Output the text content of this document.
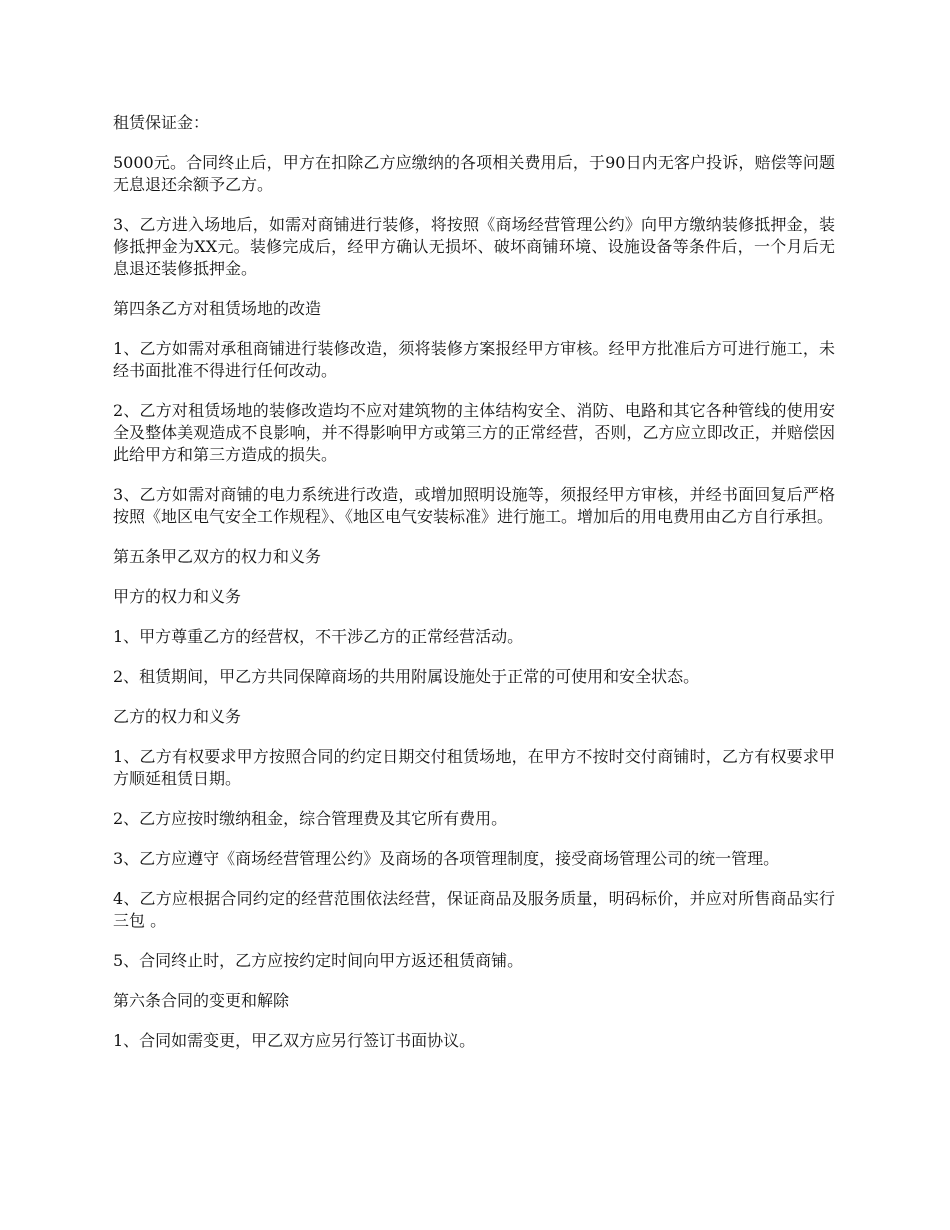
租赁保证金：

5000元。合同终止后，甲方在扣除乙方应缴纳的各项相关费用后，于90日内无客户投诉，赔偿等问题无息退还余额予乙方。

3、乙方进入场地后，如需对商铺进行装修，将按照《商场经营管理公约》向甲方缴纳装修抵押金，装修抵押金为XX元。装修完成后，经甲方确认无损坏、破坏商铺环境、设施设备等条件后，一个月后无息退还装修抵押金。

第四条乙方对租赁场地的改造

1、乙方如需对承租商铺进行装修改造，须将装修方案报经甲方审核。经甲方批准后方可进行施工，未经书面批准不得进行任何改动。

2、乙方对租赁场地的装修改造均不应对建筑物的主体结构安全、消防、电路和其它各种管线的使用安全及整体美观造成不良影响，并不得影响甲方或第三方的正常经营，否则，乙方应立即改正，并赔偿因此给甲方和第三方造成的损失。

3、乙方如需对商铺的电力系统进行改造，或增加照明设施等，须报经甲方审核，并经书面回复后严格按照《地区电气安全工作规程》、《地区电气安装标准》进行施工。增加后的用电费用由乙方自行承担。

第五条甲乙双方的权力和义务

甲方的权力和义务

1、甲方尊重乙方的经营权，不干涉乙方的正常经营活动。

2、租赁期间，甲乙方共同保障商场的共用附属设施处于正常的可使用和安全状态。

乙方的权力和义务

1、乙方有权要求甲方按照合同的约定日期交付租赁场地，在甲方不按时交付商铺时，乙方有权要求甲方顺延租赁日期。

2、乙方应按时缴纳租金，综合管理费及其它所有费用。

3、乙方应遵守《商场经营管理公约》及商场的各项管理制度，接受商场管理公司的统一管理。

4、乙方应根据合同约定的经营范围依法经营，保证商品及服务质量，明码标价，并应对所售商品实行 三包 。

5、合同终止时，乙方应按约定时间向甲方返还租赁商铺。

第六条合同的变更和解除

1、合同如需变更，甲乙双方应另行签订书面协议。
